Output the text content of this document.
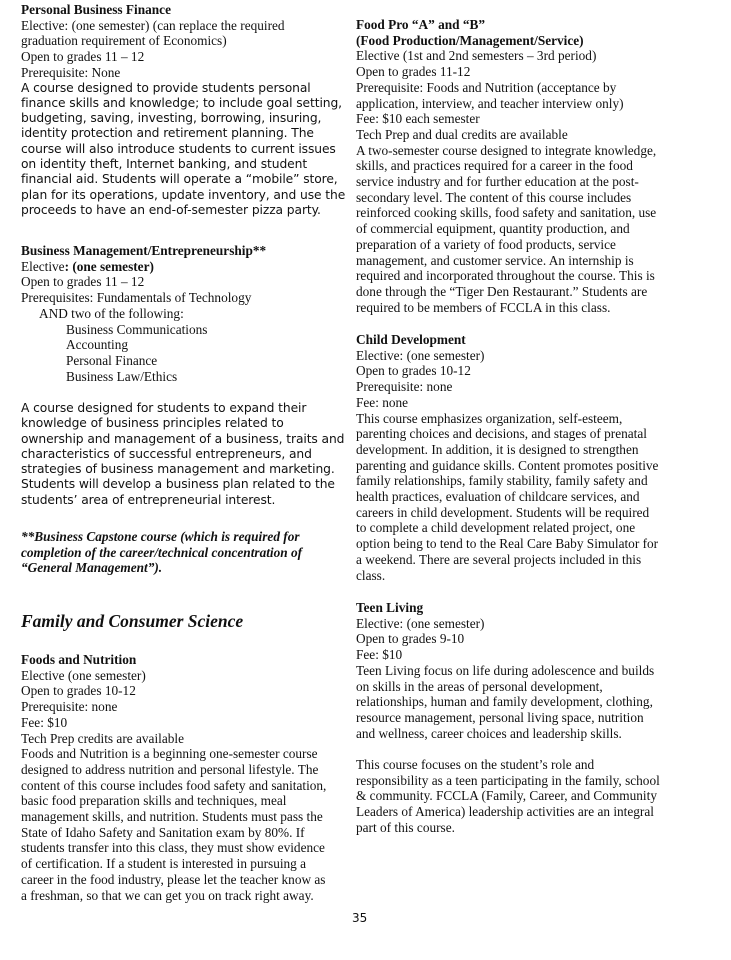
Personal Business Finance

Elective: (one semester) (can replace the required

graduation requirement of Economics)

Open to grades 11 – 12

Prerequisite: None

A course designed to provide students personal

finance skills and knowledge; to include goal setting,

budgeting, saving, investing, borrowing, insuring,

identity protection and retirement planning. The

course will also introduce students to current issues

on identity theft, Internet banking, and student

financial aid. Students will operate a “mobile” store,

plan for its operations, update inventory, and use the

proceeds to have an end-of-semester pizza party.

Business Management/Entrepreneurship**

Elective: (one semester)

Open to grades 11 – 12

Prerequisites: Fundamentals of Technology

AND two of the following:

Business Communications

Accounting

Personal Finance

Business Law/Ethics

A course designed for students to expand their

knowledge of business principles related to

ownership and management of a business, traits and

characteristics of successful entrepreneurs, and

strategies of business management and marketing.

Students will develop a business plan related to the

students’ area of entrepreneurial interest.

**Business Capstone course (which is required for

completion of the career/technical concentration of

“General Management”).

Family and Consumer Science

Foods and Nutrition

Elective (one semester)

Open to grades 10-12

Prerequisite: none

Fee: $10

Tech Prep credits are available

Foods and Nutrition is a beginning one-semester course

designed to address nutrition and personal lifestyle. The

content of this course includes food safety and sanitation,

basic food preparation skills and techniques, meal

management skills, and nutrition. Students must pass the

State of Idaho Safety and Sanitation exam by 80%. If

students transfer into this class, they must show evidence

of certification. If a student is interested in pursuing a

career in the food industry, please let the teacher know as

a freshman, so that we can get you on track right away.

Food Pro “A” and “B”

(Food Production/Management/Service)

Elective (1st and 2nd semesters – 3rd period)

Open to grades 11-12

Prerequisite: Foods and Nutrition (acceptance by

application, interview, and teacher interview only)

Fee: $10 each semester

Tech Prep and dual credits are available

A two-semester course designed to integrate knowledge,

skills, and practices required for a career in the food

service industry and for further education at the post-

secondary level. The content of this course includes

reinforced cooking skills, food safety and sanitation, use

of commercial equipment, quantity production, and

preparation of a variety of food products, service

management, and customer service. An internship is

required and incorporated throughout the course. This is

done through the “Tiger Den Restaurant.” Students are

required to be members of FCCLA in this class.

Child Development

Elective: (one semester)

Open to grades 10-12

Prerequisite: none

Fee: none

This course emphasizes organization, self-esteem,

parenting choices and decisions, and stages of prenatal

development. In addition, it is designed to strengthen

parenting and guidance skills. Content promotes positive

family relationships, family stability, family safety and

health practices, evaluation of childcare services, and

careers in child development. Students will be required

to complete a child development related project, one

option being to tend to the Real Care Baby Simulator for

a weekend. There are several projects included in this

class.

Teen Living

Elective: (one semester)

Open to grades 9-10

Fee: $10

Teen Living focus on life during adolescence and builds

on skills in the areas of personal development,

relationships, human and family development, clothing,

resource management, personal living space, nutrition

and wellness, career choices and leadership skills.

This course focuses on the student’s role and

responsibility as a teen participating in the family, school

& community. FCCLA (Family, Career, and Community

Leaders of America) leadership activities are an integral

part of this course.

35
